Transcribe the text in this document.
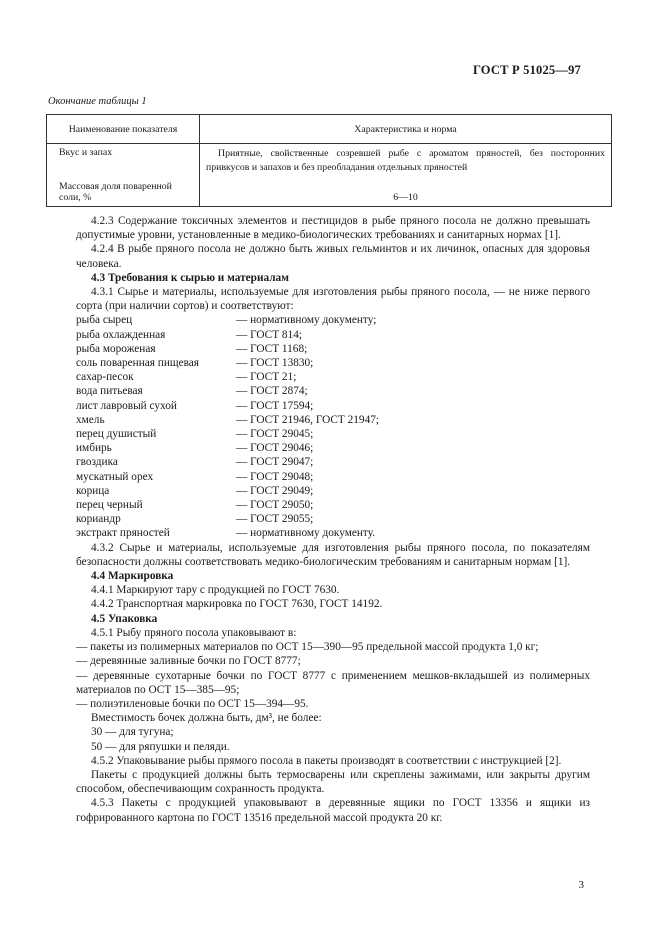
ГОСТ Р 51025—97
Окончание таблицы 1
Наименование показателя	Характеристика и норма

Вкус и запах	Приятные, свойственные созревшей рыбе с ароматом пряностей, без посторонних привкусов и запахов и без преобладания отдельных пряностей

Массовая доля поваренной соли, %	6—10

4.2.3 Содержание токсичных элементов и пестицидов в рыбе пряного посола не должно превышать допустимые уровни, установленные в медико-биологических требованиях и санитарных нормах [1].

4.2.4 В рыбе пряного посола не должно быть живых гельминтов и их личинок, опасных для здоровья человека.

4.3 Требования к сырью и материалам

4.3.1 Сырье и материалы, используемые для изготовления рыбы пряного посола, — не ниже первого сорта (при наличии сортов) и соответствуют:

рыба сырец	— нормативному документу;
рыба охлажденная	— ГОСТ 814;
рыба мороженая	— ГОСТ 1168;
соль поваренная пищевая	— ГОСТ 13830;
сахар-песок	— ГОСТ 21;
вода питьевая	— ГОСТ 2874;
лист лавровый сухой	— ГОСТ 17594;
хмель	— ГОСТ 21946, ГОСТ 21947;
перец душистый	— ГОСТ 29045;
имбирь	— ГОСТ 29046;
гвоздика	— ГОСТ 29047;
мускатный орех	— ГОСТ 29048;
корица	— ГОСТ 29049;
перец черный	— ГОСТ 29050;
кориандр	— ГОСТ 29055;
экстракт пряностей	— нормативному документу.

4.3.2 Сырье и материалы, используемые для изготовления рыбы пряного посола, по показателям безопасности должны соответствовать медико-биологическим требованиям и санитарным нормам [1].

4.4 Маркировка

4.4.1 Маркируют тару с продукцией по ГОСТ 7630.

4.4.2 Транспортная маркировка по ГОСТ 7630, ГОСТ 14192.

4.5 Упаковка

4.5.1 Рыбу пряного посола упаковывают в:

— пакеты из полимерных материалов по ОСТ 15—390—95 предельной массой продукта 1,0 кг;

— деревянные заливные бочки по ГОСТ 8777;

— деревянные сухотарные бочки по ГОСТ 8777 с применением мешков-вкладышей из полимерных материалов по ОСТ 15—385—95;

— полиэтиленовые бочки по ОСТ 15—394—95.

Вместимость бочек должна быть, дм³, не более:

30 — для тугуна;

50 — для ряпушки и пеляди.

4.5.2 Упаковывание рыбы прямого посола в пакеты производят в соответствии с инструкцией [2].

Пакеты с продукцией должны быть термосварены или скреплены зажимами, или закрыты другим способом, обеспечивающим сохранность продукта.

4.5.3 Пакеты с продукцией упаковывают в деревянные ящики по ГОСТ 13356 и ящики из гофрированного картона по ГОСТ 13516 предельной массой продукта 20 кг.

3
